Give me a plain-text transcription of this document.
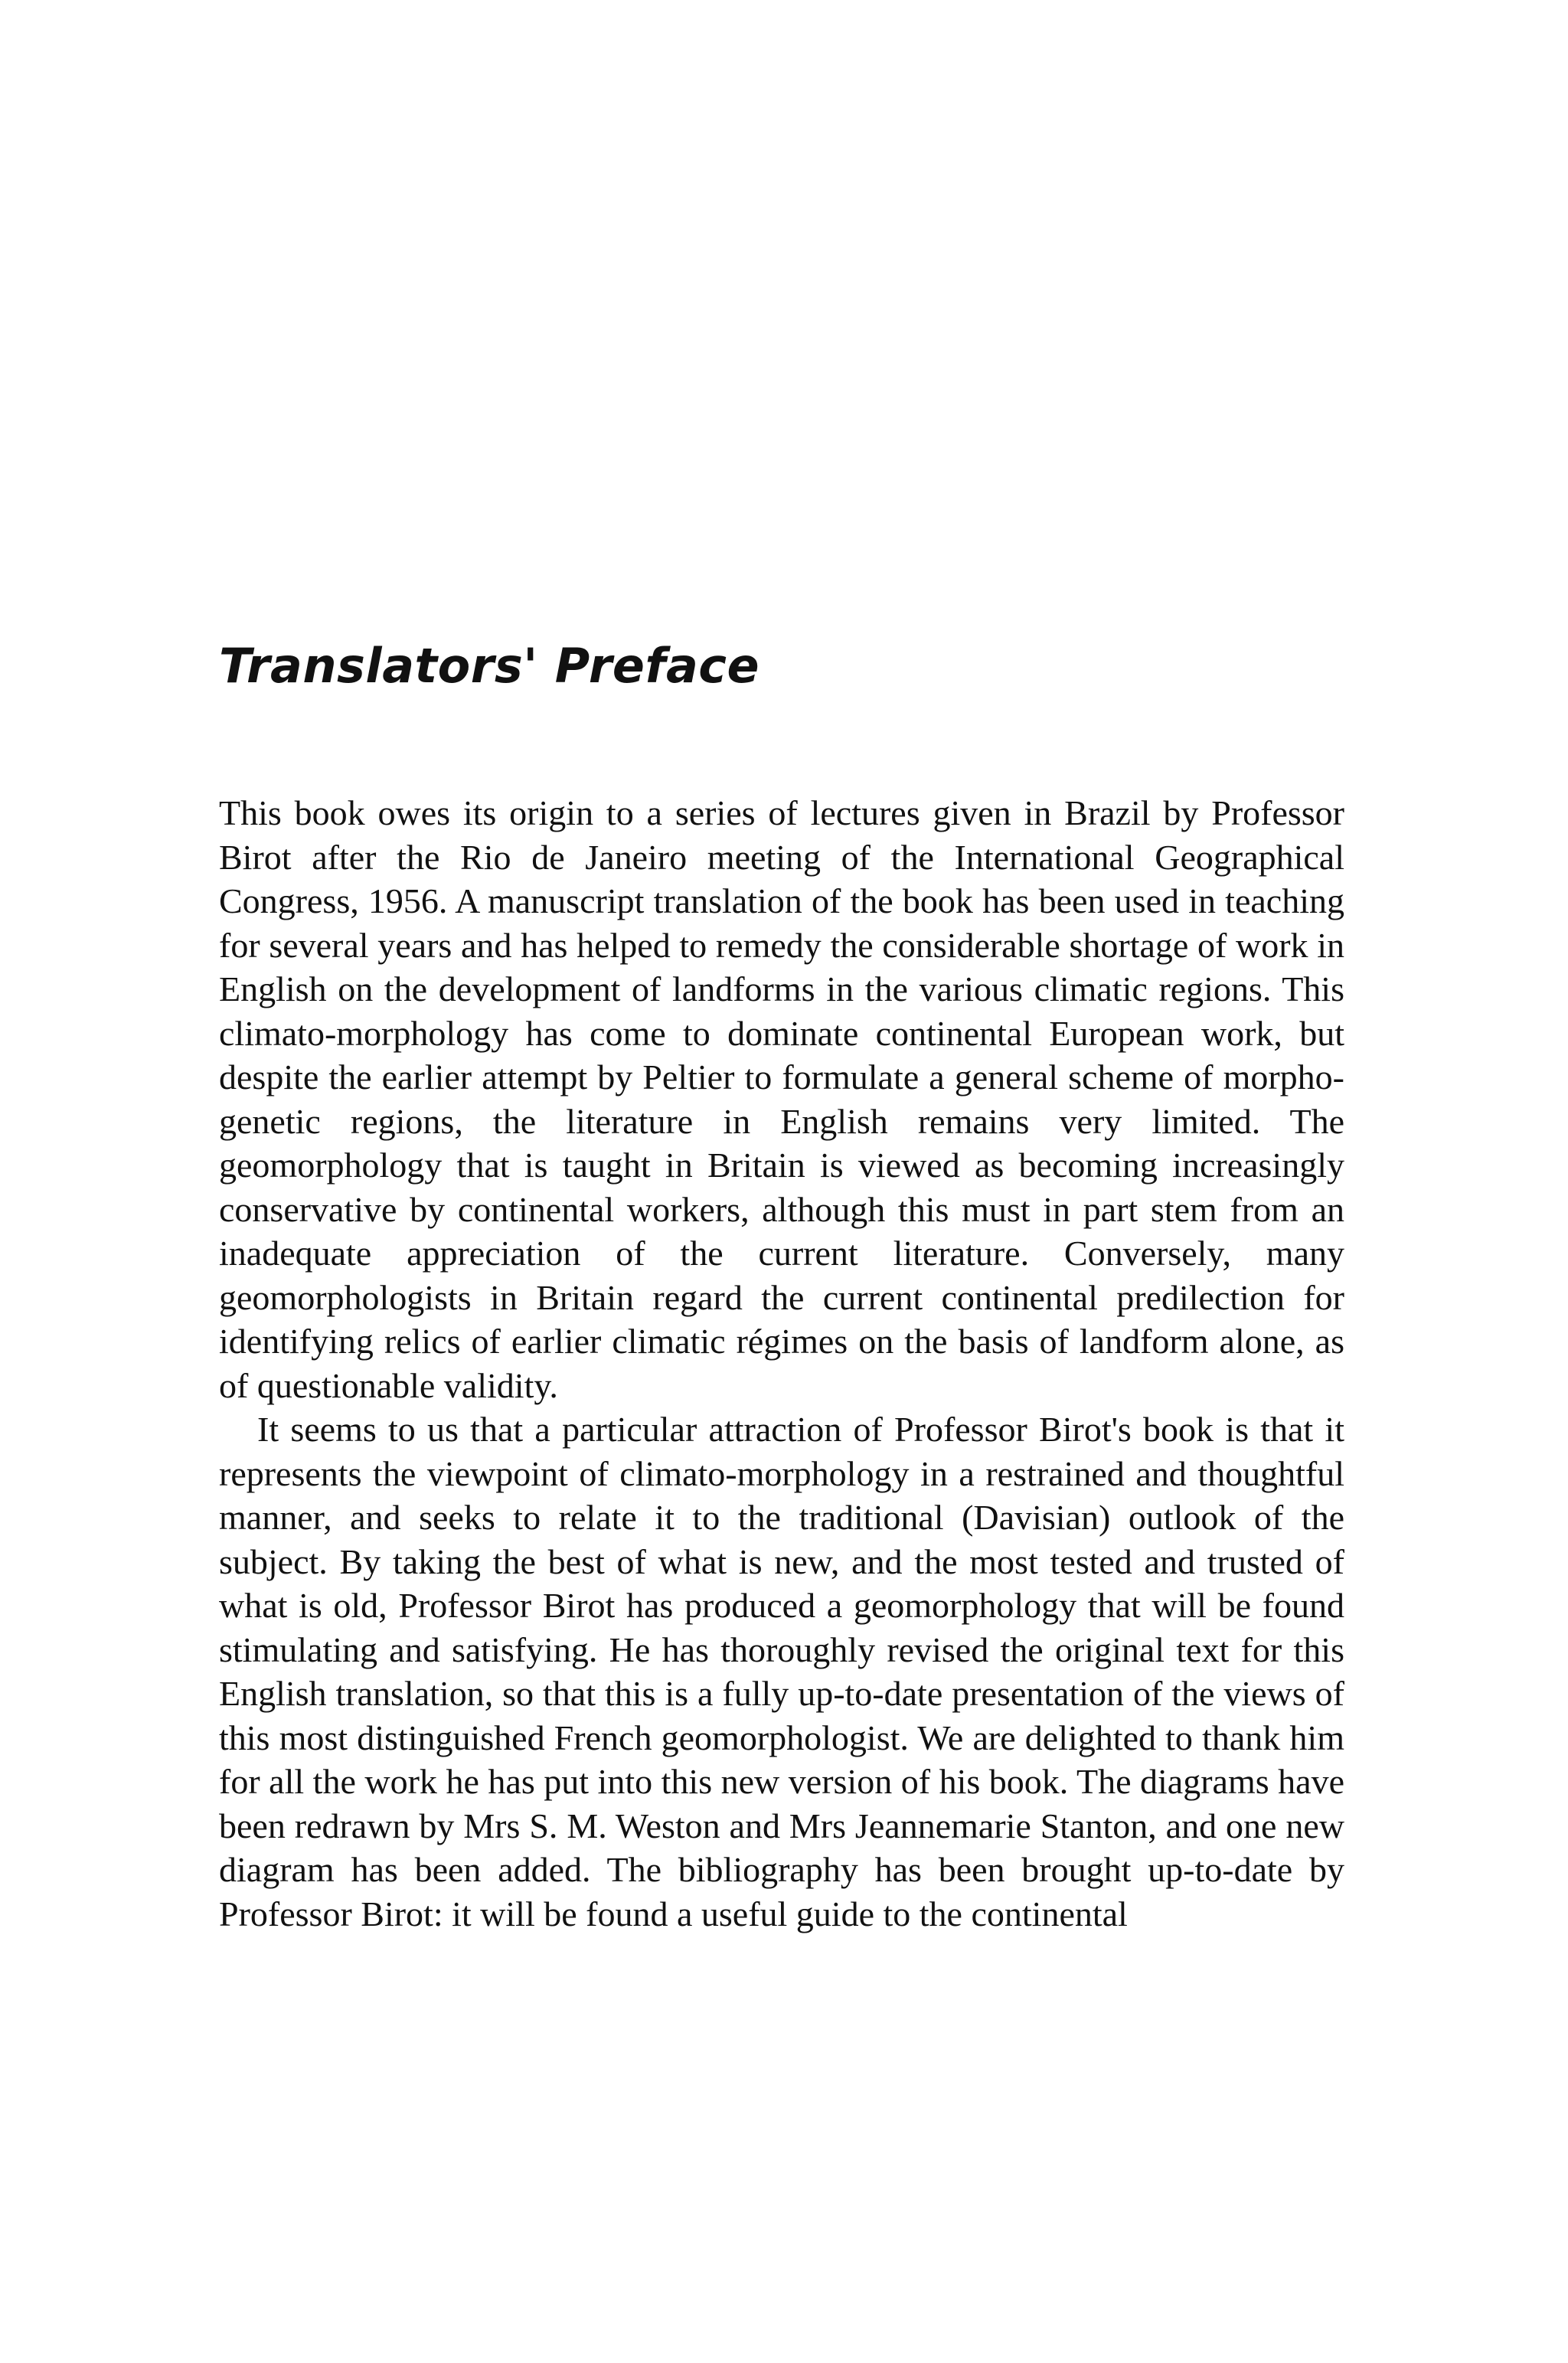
Translators' Preface

This book owes its origin to a series of lectures given in Brazil by Professor Birot after the Rio de Janeiro meeting of the International Geographical Congress, 1956. A manuscript translation of the book has been used in teaching for several years and has helped to remedy the considerable shortage of work in English on the development of landforms in the various climatic regions. This climato-morphology has come to dominate continental European work, but despite the earlier attempt by Peltier to formulate a general scheme of morphogenetic regions, the literature in English remains very limited. The geomorphology that is taught in Britain is viewed as becoming increasingly conservative by continental workers, although this must in part stem from an inadequate appreciation of the current literature. Conversely, many geomorphologists in Britain regard the current continental predilection for identifying relics of earlier climatic régimes on the basis of landform alone, as of questionable validity.

It seems to us that a particular attraction of Professor Birot's book is that it represents the viewpoint of climato-morphology in a restrained and thoughtful manner, and seeks to relate it to the traditional (Davisian) outlook of the subject. By taking the best of what is new, and the most tested and trusted of what is old, Professor Birot has produced a geomorphology that will be found stimulating and satisfying. He has thoroughly revised the original text for this English translation, so that this is a fully up-to-date presentation of the views of this most distinguished French geomorphologist. We are delighted to thank him for all the work he has put into this new version of his book. The diagrams have been redrawn by Mrs S. M. Weston and Mrs Jeannemarie Stanton, and one new diagram has been added. The bibliography has been brought up-to-date by Professor Birot: it will be found a useful guide to the continental
